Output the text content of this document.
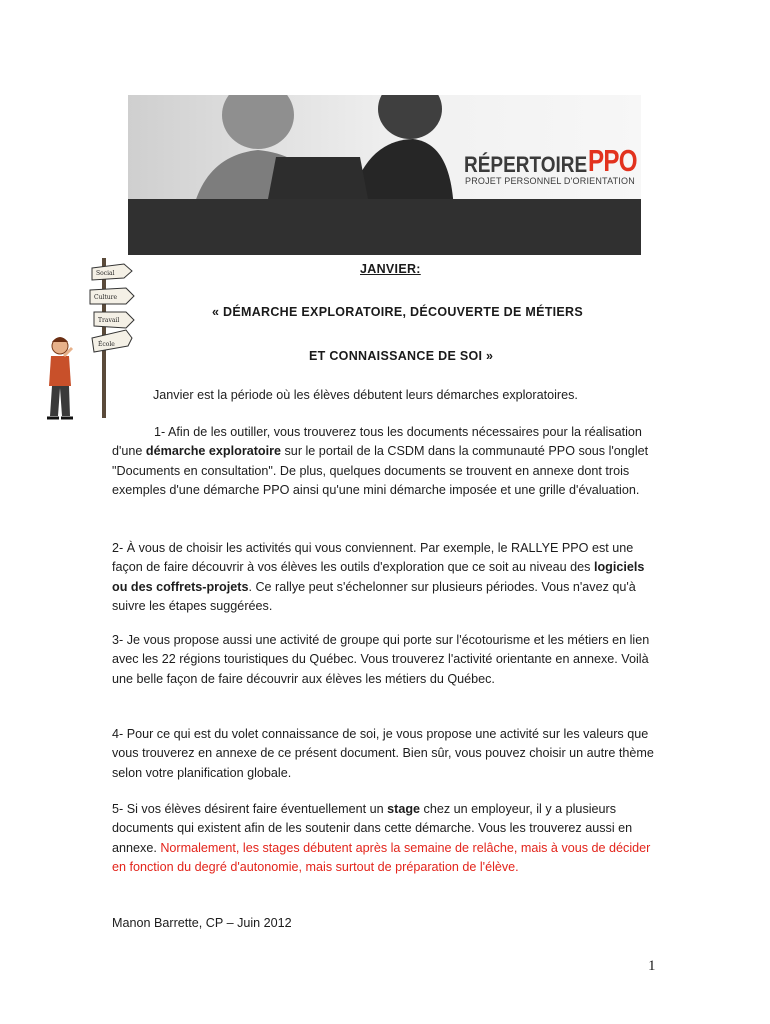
RÉPERTOIRE PPO
PROJET PERSONNEL D'ORIENTATION
Social
Culture
Travail
École
JANVIER:
« DÉMARCHE EXPLORATOIRE, DÉCOUVERTE DE MÉTIERS
ET CONNAISSANCE DE SOI »

Janvier est la période où les élèves débutent leurs démarches exploratoires.

1- Afin de les outiller, vous trouverez tous les documents nécessaires pour la réalisation d'une démarche exploratoire sur le portail de la CSDM dans la communauté PPO sous l'onglet "Documents en consultation". De plus, quelques documents se trouvent en annexe dont trois exemples d'une démarche PPO ainsi qu'une mini démarche imposée et une grille d'évaluation.

2- À vous de choisir les activités qui vous conviennent. Par exemple, le RALLYE PPO est une façon de faire découvrir à vos élèves les outils d'exploration que ce soit au niveau des logiciels ou des coffrets-projets. Ce rallye peut s'échelonner sur plusieurs périodes. Vous n'avez qu'à suivre les étapes suggérées.

3- Je vous propose aussi une activité de groupe qui porte sur l'écotourisme et les métiers en lien avec les 22 régions touristiques du Québec. Vous trouverez l'activité orientante en annexe. Voilà une belle façon de faire découvrir aux élèves les métiers du Québec.

4- Pour ce qui est du volet connaissance de soi, je vous propose une activité sur les valeurs que vous trouverez en annexe de ce présent document. Bien sûr, vous pouvez choisir un autre thème selon votre planification globale.

5- Si vos élèves désirent faire éventuellement un stage chez un employeur, il y a plusieurs documents qui existent afin de les soutenir dans cette démarche. Vous les trouverez aussi en annexe. Normalement, les stages débutent après la semaine de relâche, mais à vous de décider en fonction du degré d'autonomie, mais surtout de préparation de l'élève.

Manon Barrette, CP – Juin 2012

1
